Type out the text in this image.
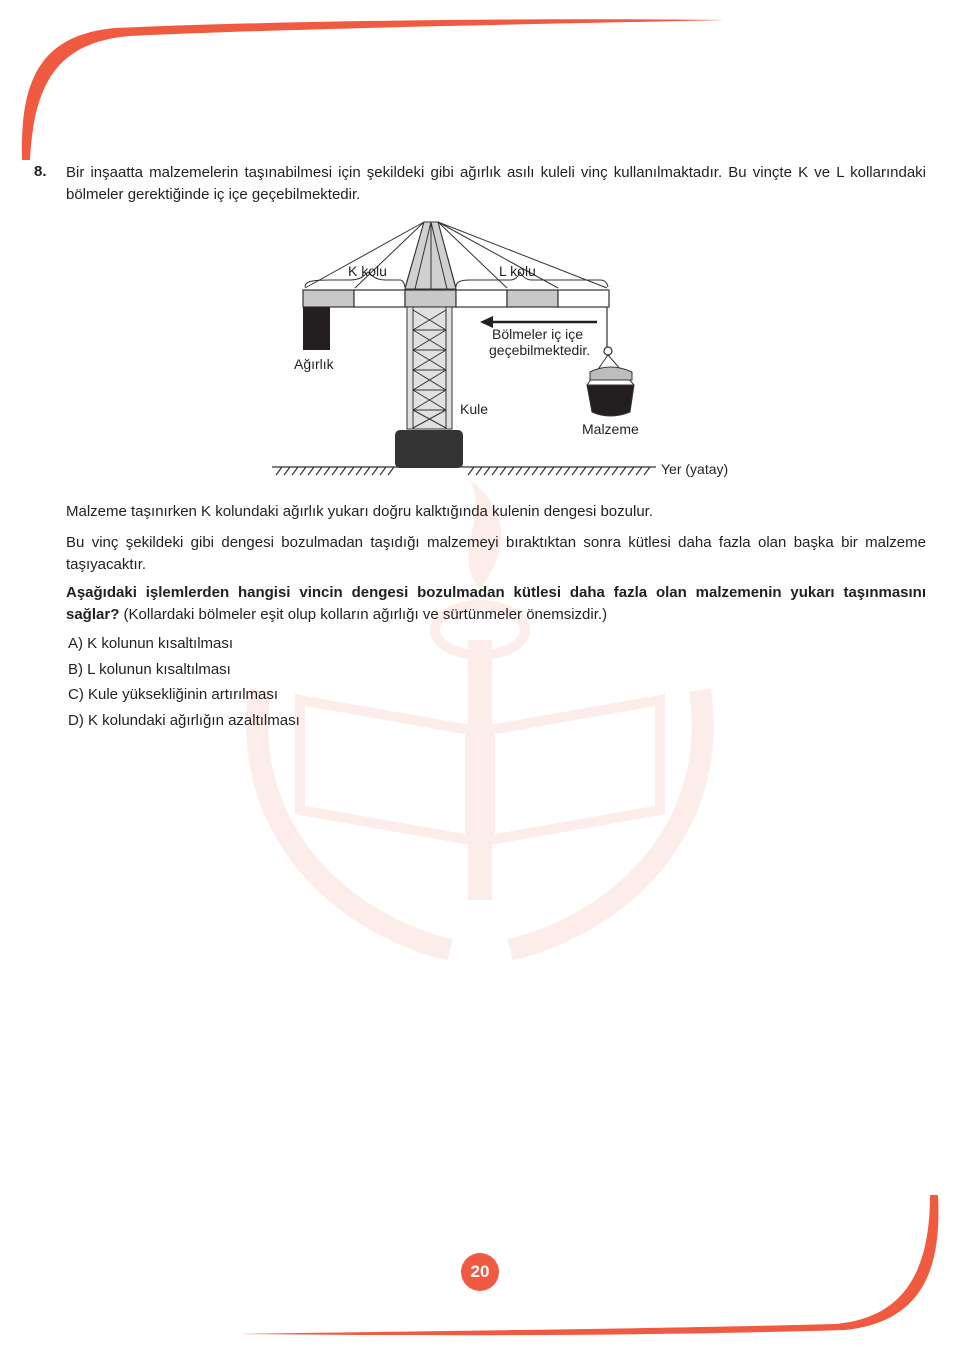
8. Bir inşaatta malzemelerin taşınabilmesi için şekildeki gibi ağırlık asılı kuleli vinç kullanılmaktadır. Bu vinçte K ve L kollarındaki bölmeler gerektiğinde iç içe geçebilmektedir.
K kolu	L kolu
Ağırlık
Bölmeler iç içe
geçebilmektedir.
Kule
Malzeme
Yer (yatay)
Malzeme taşınırken K kolundaki ağırlık yukarı doğru kalktığında kulenin dengesi bozulur.
Bu vinç şekildeki gibi dengesi bozulmadan taşıdığı malzemeyi bıraktıktan sonra kütlesi daha fazla olan başka bir malzeme taşıyacaktır.
Aşağıdaki işlemlerden hangisi vincin dengesi bozulmadan kütlesi daha fazla olan malzemenin yukarı taşınmasını sağlar? (Kollardaki bölmeler eşit olup kolların ağırlığı ve sürtünmeler önemsizdir.)
A) K kolunun kısaltılması
B) L kolunun kısaltılması
C) Kule yüksekliğinin artırılması
D) K kolundaki ağırlığın azaltılması
20
